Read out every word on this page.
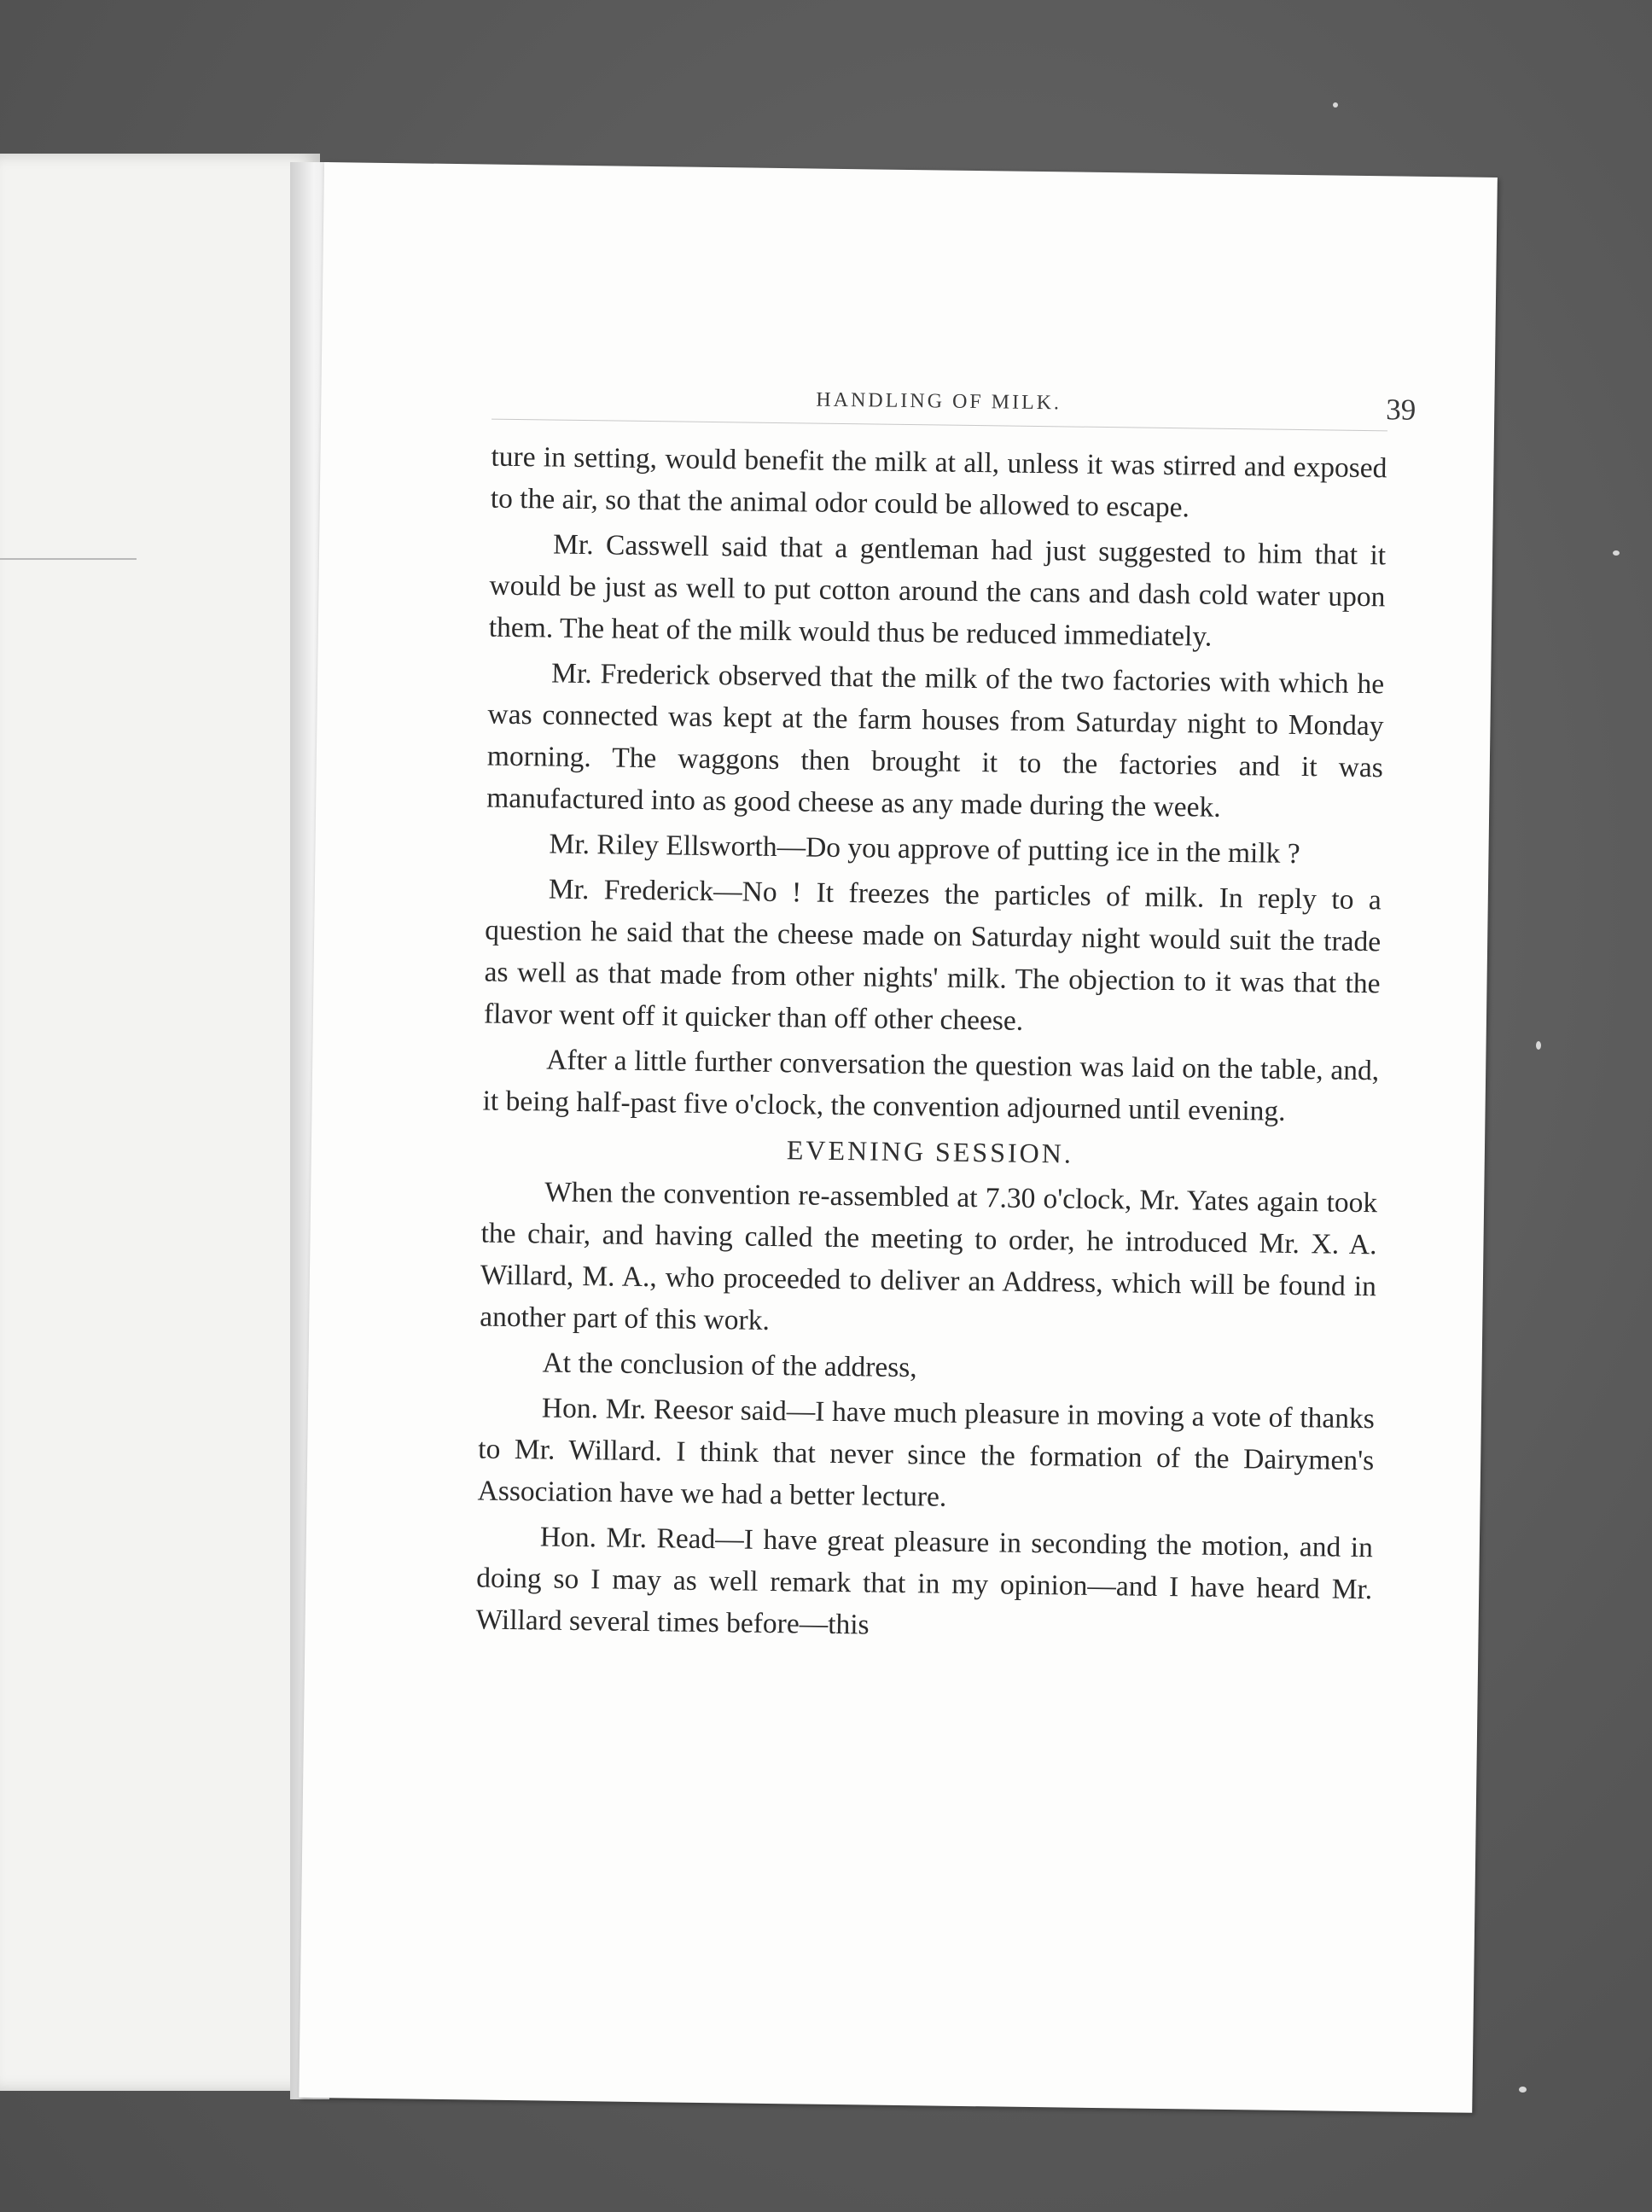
HANDLING OF MILK.	39

ture in setting, would benefit the milk at all, unless it was stirred and exposed to the air, so that the animal odor could be allowed to escape.

Mr. Casswell said that a gentleman had just suggested to him that it would be just as well to put cotton around the cans and dash cold water upon them. The heat of the milk would thus be reduced immediately.

Mr. Frederick observed that the milk of the two factories with which he was connected was kept at the farm houses from Saturday night to Monday morning. The waggons then brought it to the factories and it was manufactured into as good cheese as any made during the week.

Mr. Riley Ellsworth—Do you approve of putting ice in the milk ?

Mr. Frederick—No ! It freezes the particles of milk. In reply to a question he said that the cheese made on Saturday night would suit the trade as well as that made from other nights' milk. The objection to it was that the flavor went off it quicker than off other cheese.

After a little further conversation the question was laid on the table, and, it being half-past five o'clock, the convention adjourned until evening.

EVENING SESSION.

When the convention re-assembled at 7.30 o'clock, Mr. Yates again took the chair, and having called the meeting to order, he introduced Mr. X. A. Willard, M. A., who proceeded to deliver an Address, which will be found in another part of this work.

At the conclusion of the address,

Hon. Mr. Reesor said—I have much pleasure in moving a vote of thanks to Mr. Willard. I think that never since the formation of the Dairymen's Association have we had a better lecture.

Hon. Mr. Read—I have great pleasure in seconding the motion, and in doing so I may as well remark that in my opinion—and I have heard Mr. Willard several times before—this
